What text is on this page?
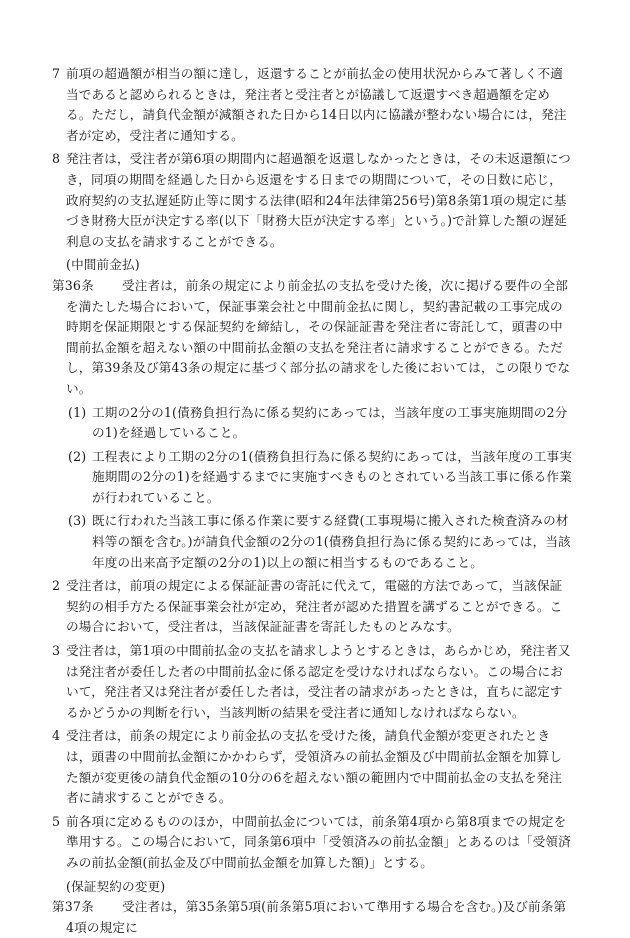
7 前項の超過額が相当の額に達し，返還することが前払金の使用状況からみて著しく不適当であると認められるときは，発注者と受注者とが協議して返還すべき超過額を定める。ただし，請負代金額が減額された日から14日以内に協議が整わない場合には，発注者が定め，受注者に通知する。
8 発注者は，受注者が第6項の期間内に超過額を返還しなかったときは，その未返還額につき，同項の期間を経過した日から返還をする日までの期間について，その日数に応じ，政府契約の支払遅延防止等に関する法律(昭和24年法律第256号)第8条第1項の規定に基づき財務大臣が決定する率(以下「財務大臣が決定する率」という。)で計算した額の遅延利息の支払を請求することができる。
(中間前金払)
第36条 受注者は，前条の規定により前金払の支払を受けた後，次に掲げる要件の全部を満たした場合において，保証事業会社と中間前金払に関し，契約書記載の工事完成の時期を保証期限とする保証契約を締結し，その保証証書を発注者に寄託して，頭書の中間前払金額を超えない額の中間前払金額の支払を発注者に請求することができる。ただし，第39条及び第43条の規定に基づく部分払の請求をした後においては，この限りでない。
(1) 工期の2分の1(債務負担行為に係る契約にあっては，当該年度の工事実施期間の2分の1)を経過していること。
(2) 工程表により工期の2分の1(債務負担行為に係る契約にあっては，当該年度の工事実施期間の2分の1)を経過するまでに実施すべきものとされている当該工事に係る作業が行われていること。
(3) 既に行われた当該工事に係る作業に要する経費(工事現場に搬入された検査済みの材料等の額を含む。)が請負代金額の2分の1(債務負担行為に係る契約にあっては，当該年度の出来高予定額の2分の1)以上の額に相当するものであること。
2 受注者は，前項の規定による保証証書の寄託に代えて，電磁的方法であって，当該保証契約の相手方たる保証事業会社が定め，発注者が認めた措置を講ずることができる。この場合において，受注者は，当該保証証書を寄託したものとみなす。
3 受注者は，第1項の中間前払金の支払を請求しようとするときは，あらかじめ，発注者又は発注者が委任した者の中間前払金に係る認定を受けなければならない。この場合において，発注者又は発注者が委任した者は，受注者の請求があったときは，直ちに認定するかどうかの判断を行い，当該判断の結果を受注者に通知しなければならない。
4 受注者は，前条の規定により前金払の支払を受けた後，請負代金額が変更されたときは，頭書の中間前払金額にかかわらず，受領済みの前払金額及び中間前払金額を加算した額が変更後の請負代金額の10分の6を超えない額の範囲内で中間前払金の支払を発注者に請求することができる。
5 前各項に定めるもののほか，中間前払金については，前条第4項から第8項までの規定を準用する。この場合において，同条第6項中「受領済みの前払金額」とあるのは「受領済みの前払金額(前払金及び中間前払金額を加算した額)」とする。
(保証契約の変更)
第37条 受注者は，第35条第5項(前条第5項において準用する場合を含む。)及び前条第4項の規定に
